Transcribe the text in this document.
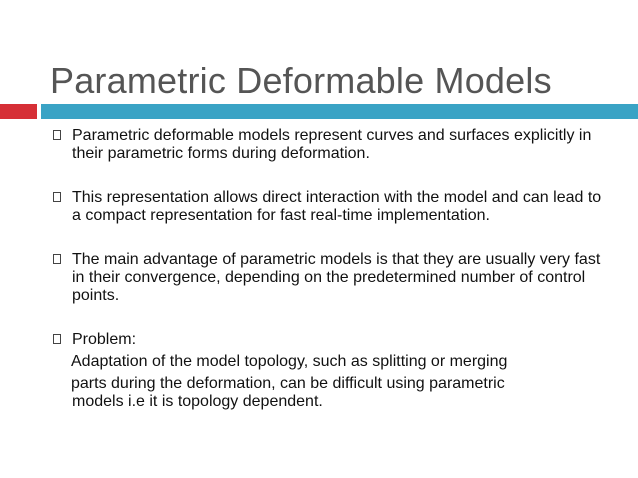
Parametric Deformable Models
Parametric deformable models represent curves and surfaces explicitly in their parametric forms during deformation.
This representation allows direct interaction with the model and can lead to a compact representation for fast real-time implementation.
The main advantage of parametric models is that they are usually very fast in their convergence, depending on the predetermined number of control points.
Problem:
Adaptation of the model topology, such as splitting or merging
parts during the deformation, can be difficult using parametric
models i.e it is topology dependent.
